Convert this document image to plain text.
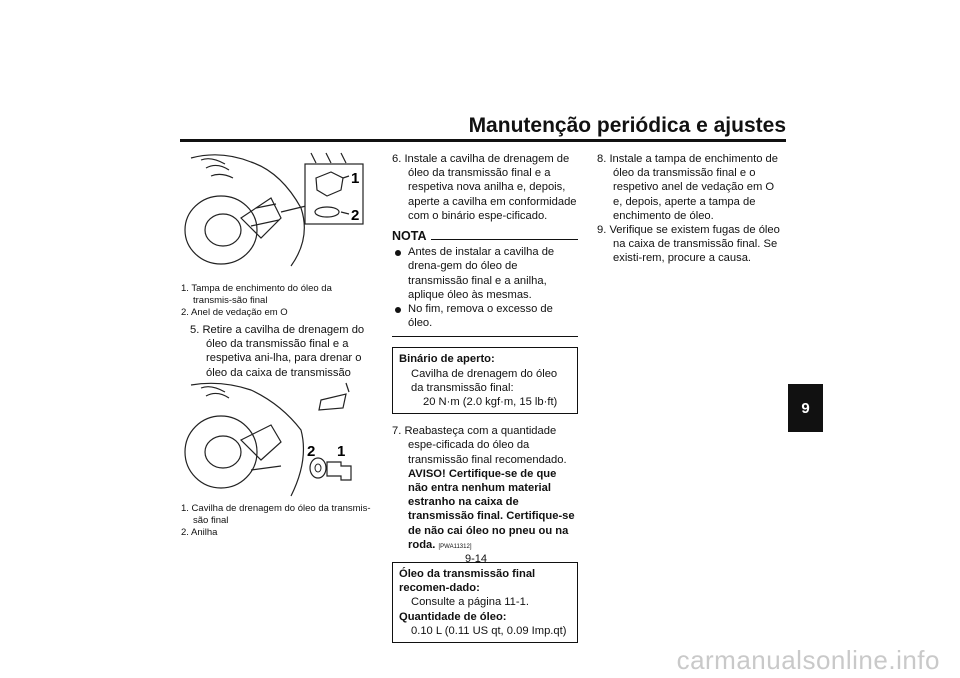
Manutenção periódica e ajustes
9
1
2

1. Tampa de enchimento do óleo da transmis-são final

2. Anel de vedação em O

5. Retire a cavilha de drenagem do óleo da transmissão final e a respetiva ani-lha, para drenar o óleo da caixa de transmissão

2 1

1. Cavilha de drenagem do óleo da transmis-são final

2. Anilha

6. Instale a cavilha de drenagem de óleo da transmissão final e a respetiva nova anilha e, depois, aperte a cavilha em conformidade com o binário espe-cificado.

NOTA

Antes de instalar a cavilha de drena-gem do óleo de transmissão final e a anilha, aplique óleo às mesmas.

No fim, remova o excesso de óleo.

Binário de aperto:
Cavilha de drenagem do óleo da transmissão final:
20 N·m (2.0 kgf·m, 15 lb·ft)

7. Reabasteça com a quantidade espe-cificada do óleo da transmissão final recomendado. AVISO! Certifique-se de que não entra nenhum material estranho na caixa de transmissão final. Certifique-se de não cai óleo no pneu ou na roda. [PWA11312]

Óleo da transmissão final recomen-dado:
Consulte a página 11-1.
Quantidade de óleo:
0.10 L (0.11 US qt, 0.09 Imp.qt)

8. Instale a tampa de enchimento de óleo da transmissão final e o respetivo anel de vedação em O e, depois, aperte a tampa de enchimento de óleo.

9. Verifique se existem fugas de óleo na caixa de transmissão final. Se existi-rem, procure a causa.

9-14
carmanualsonline.info
